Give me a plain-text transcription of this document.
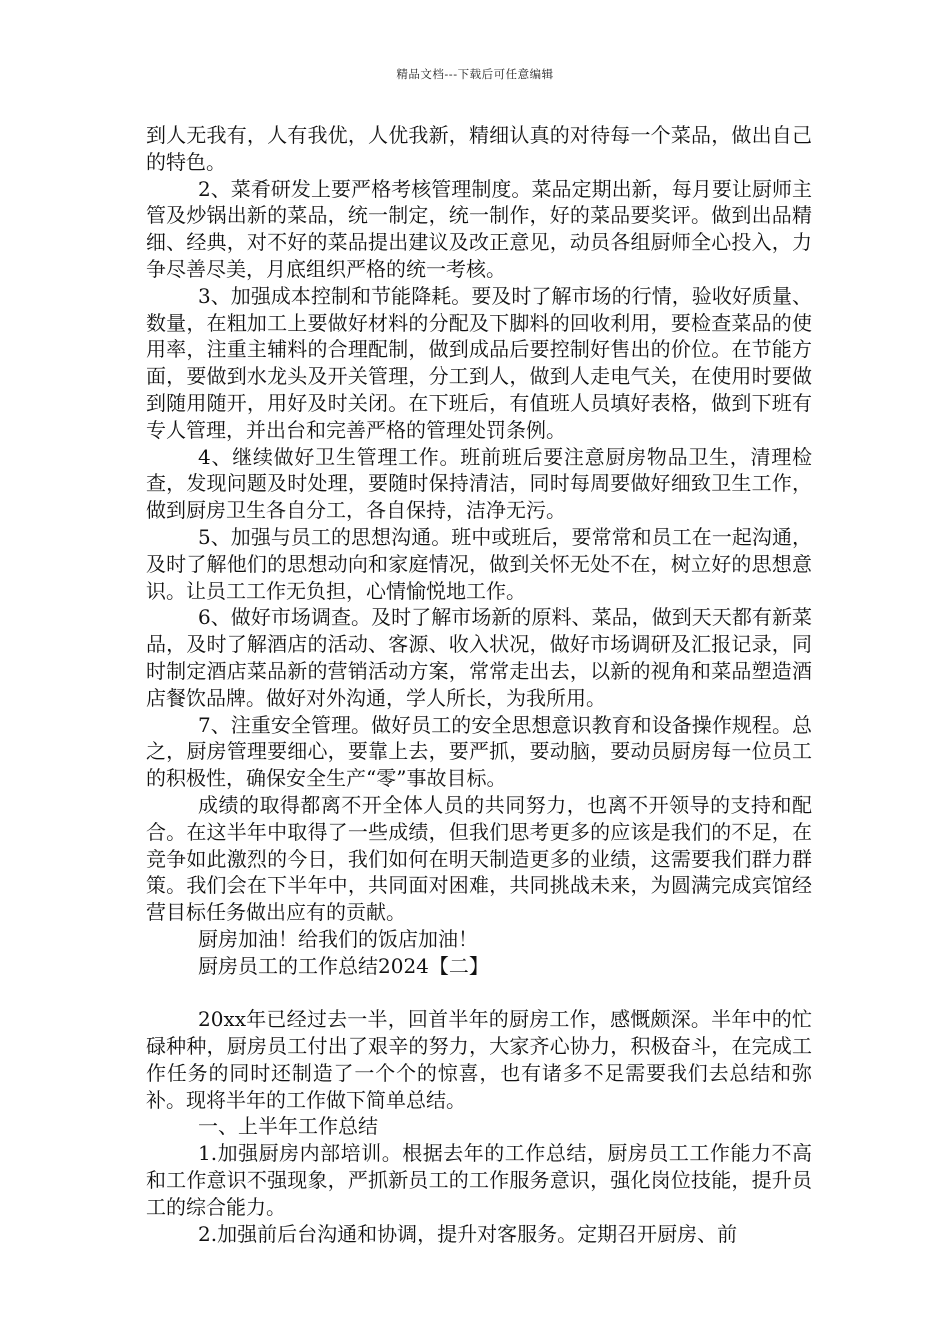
精品文档---下载后可任意编辑

到人无我有，人有我优，人优我新，精细认真的对待每一个菜品，做出自己的特色。

2、菜肴研发上要严格考核管理制度。菜品定期出新，每月要让厨师主管及炒锅出新的菜品，统一制定，统一制作，好的菜品要奖评。做到出品精细、经典，对不好的菜品提出建议及改正意见，动员各组厨师全心投入，力争尽善尽美，月底组织严格的统一考核。

3、加强成本控制和节能降耗。要及时了解市场的行情，验收好质量、数量，在粗加工上要做好材料的分配及下脚料的回收利用，要检查菜品的使用率，注重主辅料的合理配制，做到成品后要控制好售出的价位。在节能方面，要做到水龙头及开关管理，分工到人，做到人走电气关，在使用时要做到随用随开，用好及时关闭。在下班后，有值班人员填好表格，做到下班有专人管理，并出台和完善严格的管理处罚条例。

4、继续做好卫生管理工作。班前班后要注意厨房物品卫生，清理检查，发现问题及时处理，要随时保持清洁，同时每周要做好细致卫生工作，做到厨房卫生各自分工，各自保持，洁净无污。

5、加强与员工的思想沟通。班中或班后，要常常和员工在一起沟通，及时了解他们的思想动向和家庭情况，做到关怀无处不在，树立好的思想意识。让员工工作无负担，心情愉悦地工作。

6、做好市场调查。及时了解市场新的原料、菜品，做到天天都有新菜品，及时了解酒店的活动、客源、收入状况，做好市场调研及汇报记录，同时制定酒店菜品新的营销活动方案，常常走出去，以新的视角和菜品塑造酒店餐饮品牌。做好对外沟通，学人所长，为我所用。

7、注重安全管理。做好员工的安全思想意识教育和设备操作规程。总之，厨房管理要细心，要靠上去，要严抓，要动脑，要动员厨房每一位员工的积极性，确保安全生产“零”事故目标。

成绩的取得都离不开全体人员的共同努力，也离不开领导的支持和配合。在这半年中取得了一些成绩，但我们思考更多的应该是我们的不足，在竞争如此激烈的今日，我们如何在明天制造更多的业绩，这需要我们群力群策。我们会在下半年中，共同面对困难，共同挑战未来，为圆满完成宾馆经营目标任务做出应有的贡献。

厨房加油！给我们的饭店加油！

厨房员工的工作总结2024【二】

20xx年已经过去一半，回首半年的厨房工作，感慨颇深。半年中的忙碌种种，厨房员工付出了艰辛的努力，大家齐心协力，积极奋斗，在完成工作任务的同时还制造了一个个的惊喜，也有诸多不足需要我们去总结和弥补。现将半年的工作做下简单总结。

一、上半年工作总结

1.加强厨房内部培训。根据去年的工作总结，厨房员工工作能力不高和工作意识不强现象，严抓新员工的工作服务意识，强化岗位技能，提升员工的综合能力。

2.加强前后台沟通和协调，提升对客服务。定期召开厨房、前
